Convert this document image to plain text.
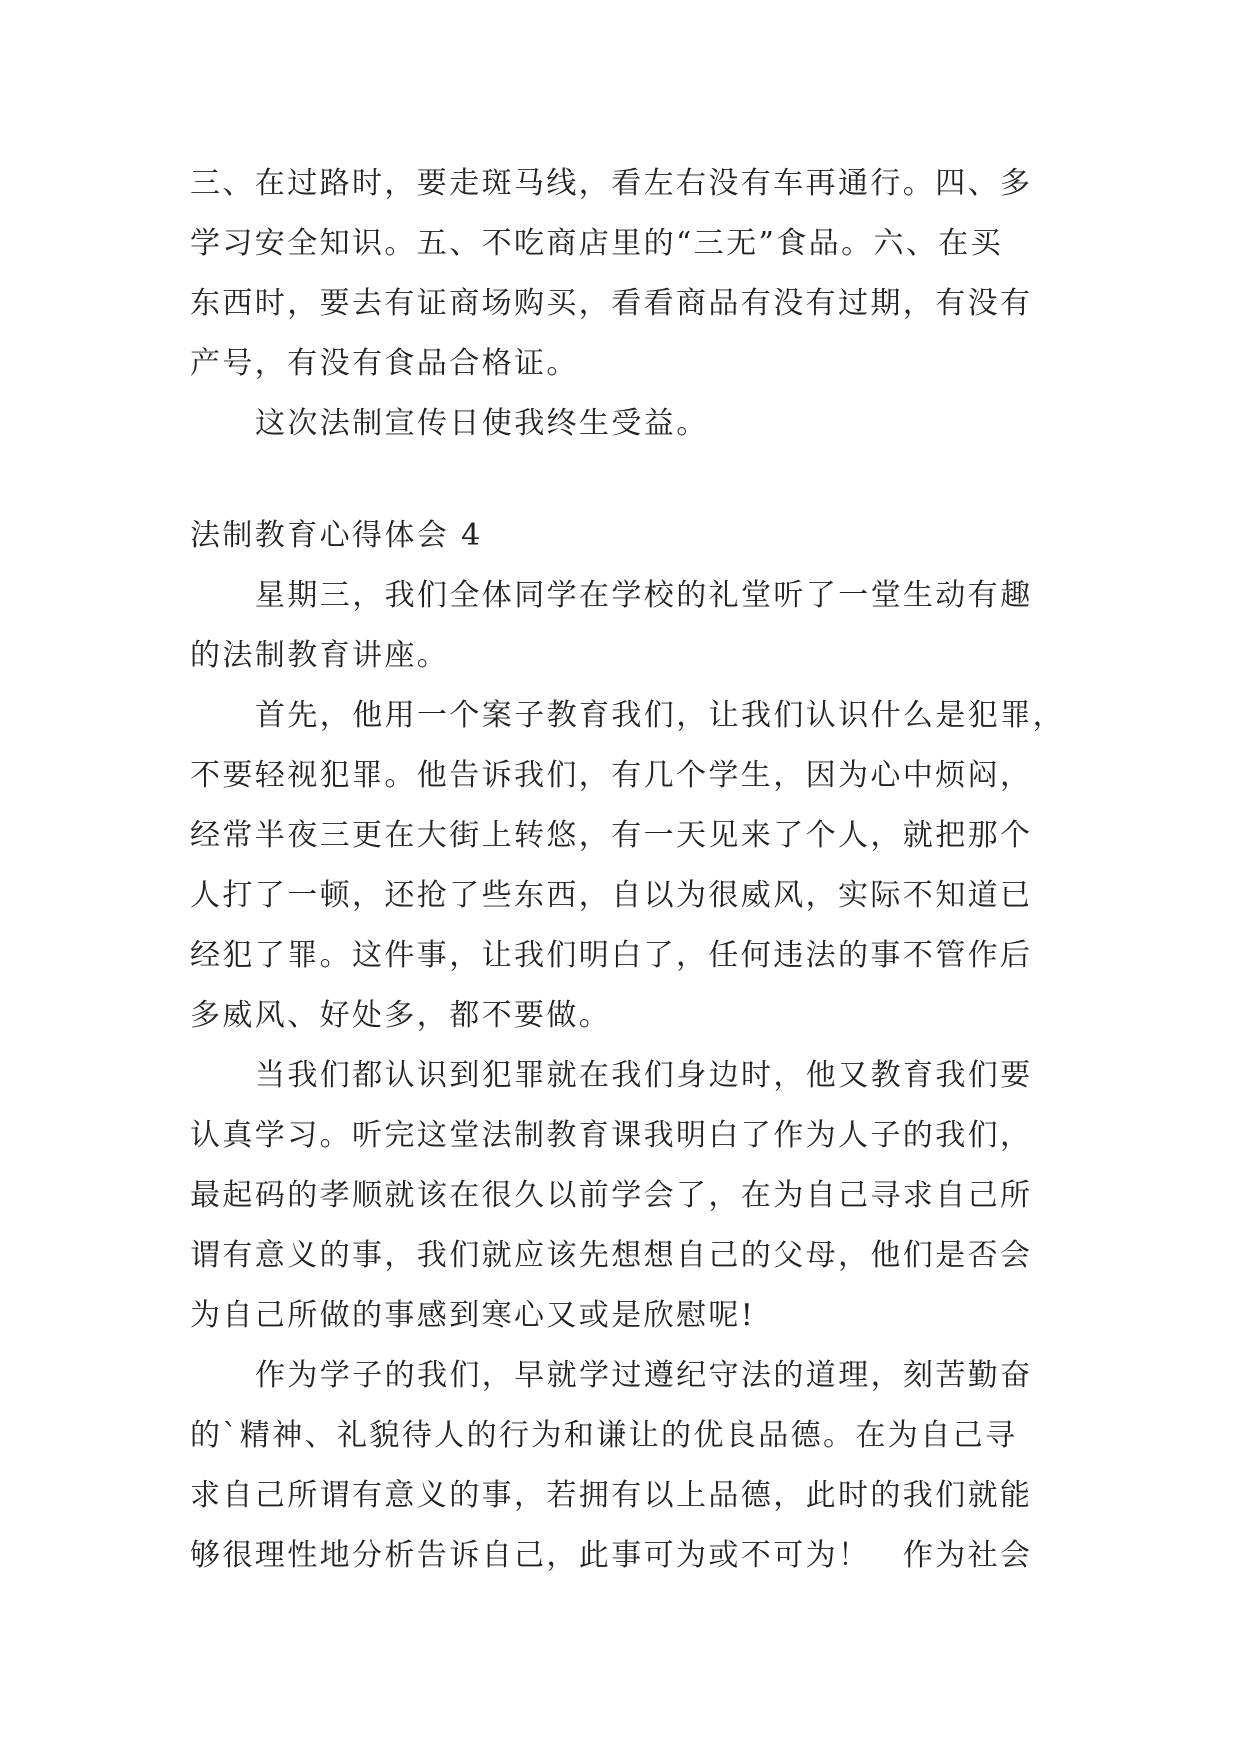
三、在过路时，要走斑马线，看左右没有车再通行。四、多
学习安全知识。五、不吃商店里的“三无”食品。六、在买
东西时，要去有证商场购买，看看商品有没有过期，有没有
产号，有没有食品合格证。
这次法制宣传日使我终生受益。
法制教育心得体会 4
星期三，我们全体同学在学校的礼堂听了一堂生动有趣
的法制教育讲座。
首先，他用一个案子教育我们，让我们认识什么是犯罪，
不要轻视犯罪。他告诉我们，有几个学生，因为心中烦闷，
经常半夜三更在大街上转悠，有一天见来了个人，就把那个
人打了一顿，还抢了些东西，自以为很威风，实际不知道已
经犯了罪。这件事，让我们明白了，任何违法的事不管作后
多威风、好处多，都不要做。
当我们都认识到犯罪就在我们身边时，他又教育我们要
认真学习。听完这堂法制教育课我明白了作为人子的我们，
最起码的孝顺就该在很久以前学会了，在为自己寻求自己所
谓有意义的事，我们就应该先想想自己的父母，他们是否会
为自己所做的事感到寒心又或是欣慰呢!
作为学子的我们，早就学过遵纪守法的道理，刻苦勤奋
的`精神、礼貌待人的行为和谦让的优良品德。在为自己寻
求自己所谓有意义的事，若拥有以上品德，此时的我们就能
够很理性地分析告诉自己，此事可为或不可为！　作为社会
